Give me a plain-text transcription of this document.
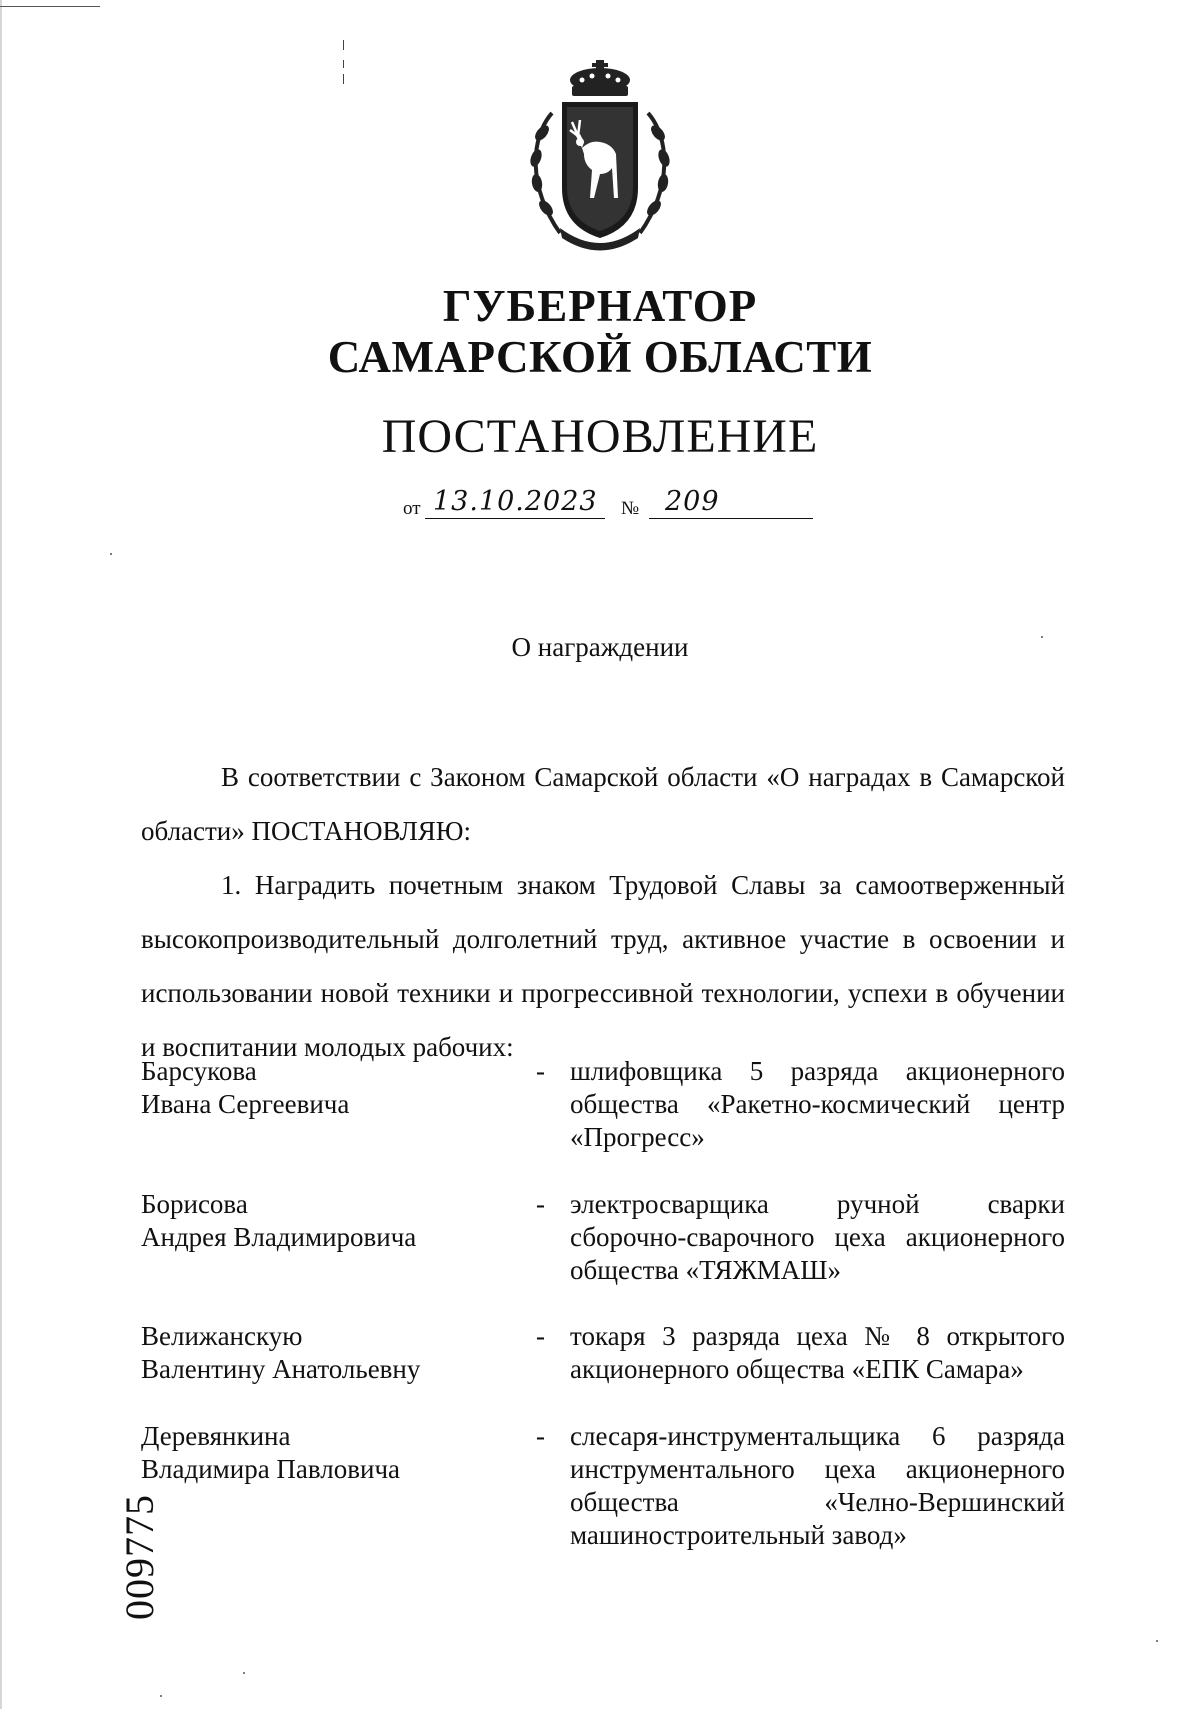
ГУБЕРНАТОР
САМАРСКОЙ ОБЛАСТИ
ПОСТАНОВЛЕНИЕ
от 13.10.2023 № 209
О награждении
В соответствии с Законом Самарской области «О наградах в Самарской области» ПОСТАНОВЛЯЮ:
1. Наградить почетным знаком Трудовой Славы за самоотверженный высокопроизводительный долголетний труд, активное участие в освоении и использовании новой техники и прогрессивной технологии, успехи в обучении и воспитании молодых рабочих:
Барсукова
Ивана Сергеевича
- шлифовщика 5 разряда акционерного общества «Ракетно-космический центр «Прогресс»
Борисова
Андрея Владимировича
- электросварщика ручной сварки сборочно-сварочного цеха акционерного общества «ТЯЖМАШ»
Велижанскую
Валентину Анатольевну
- токаря 3 разряда цеха № 8 открытого акционерного общества «ЕПК Самара»
Деревянкина
Владимира Павловича
- слесаря-инструментальщика 6 разряда инструментального цеха акционерного общества «Челно-Вершинский машиностроительный завод»
009775
